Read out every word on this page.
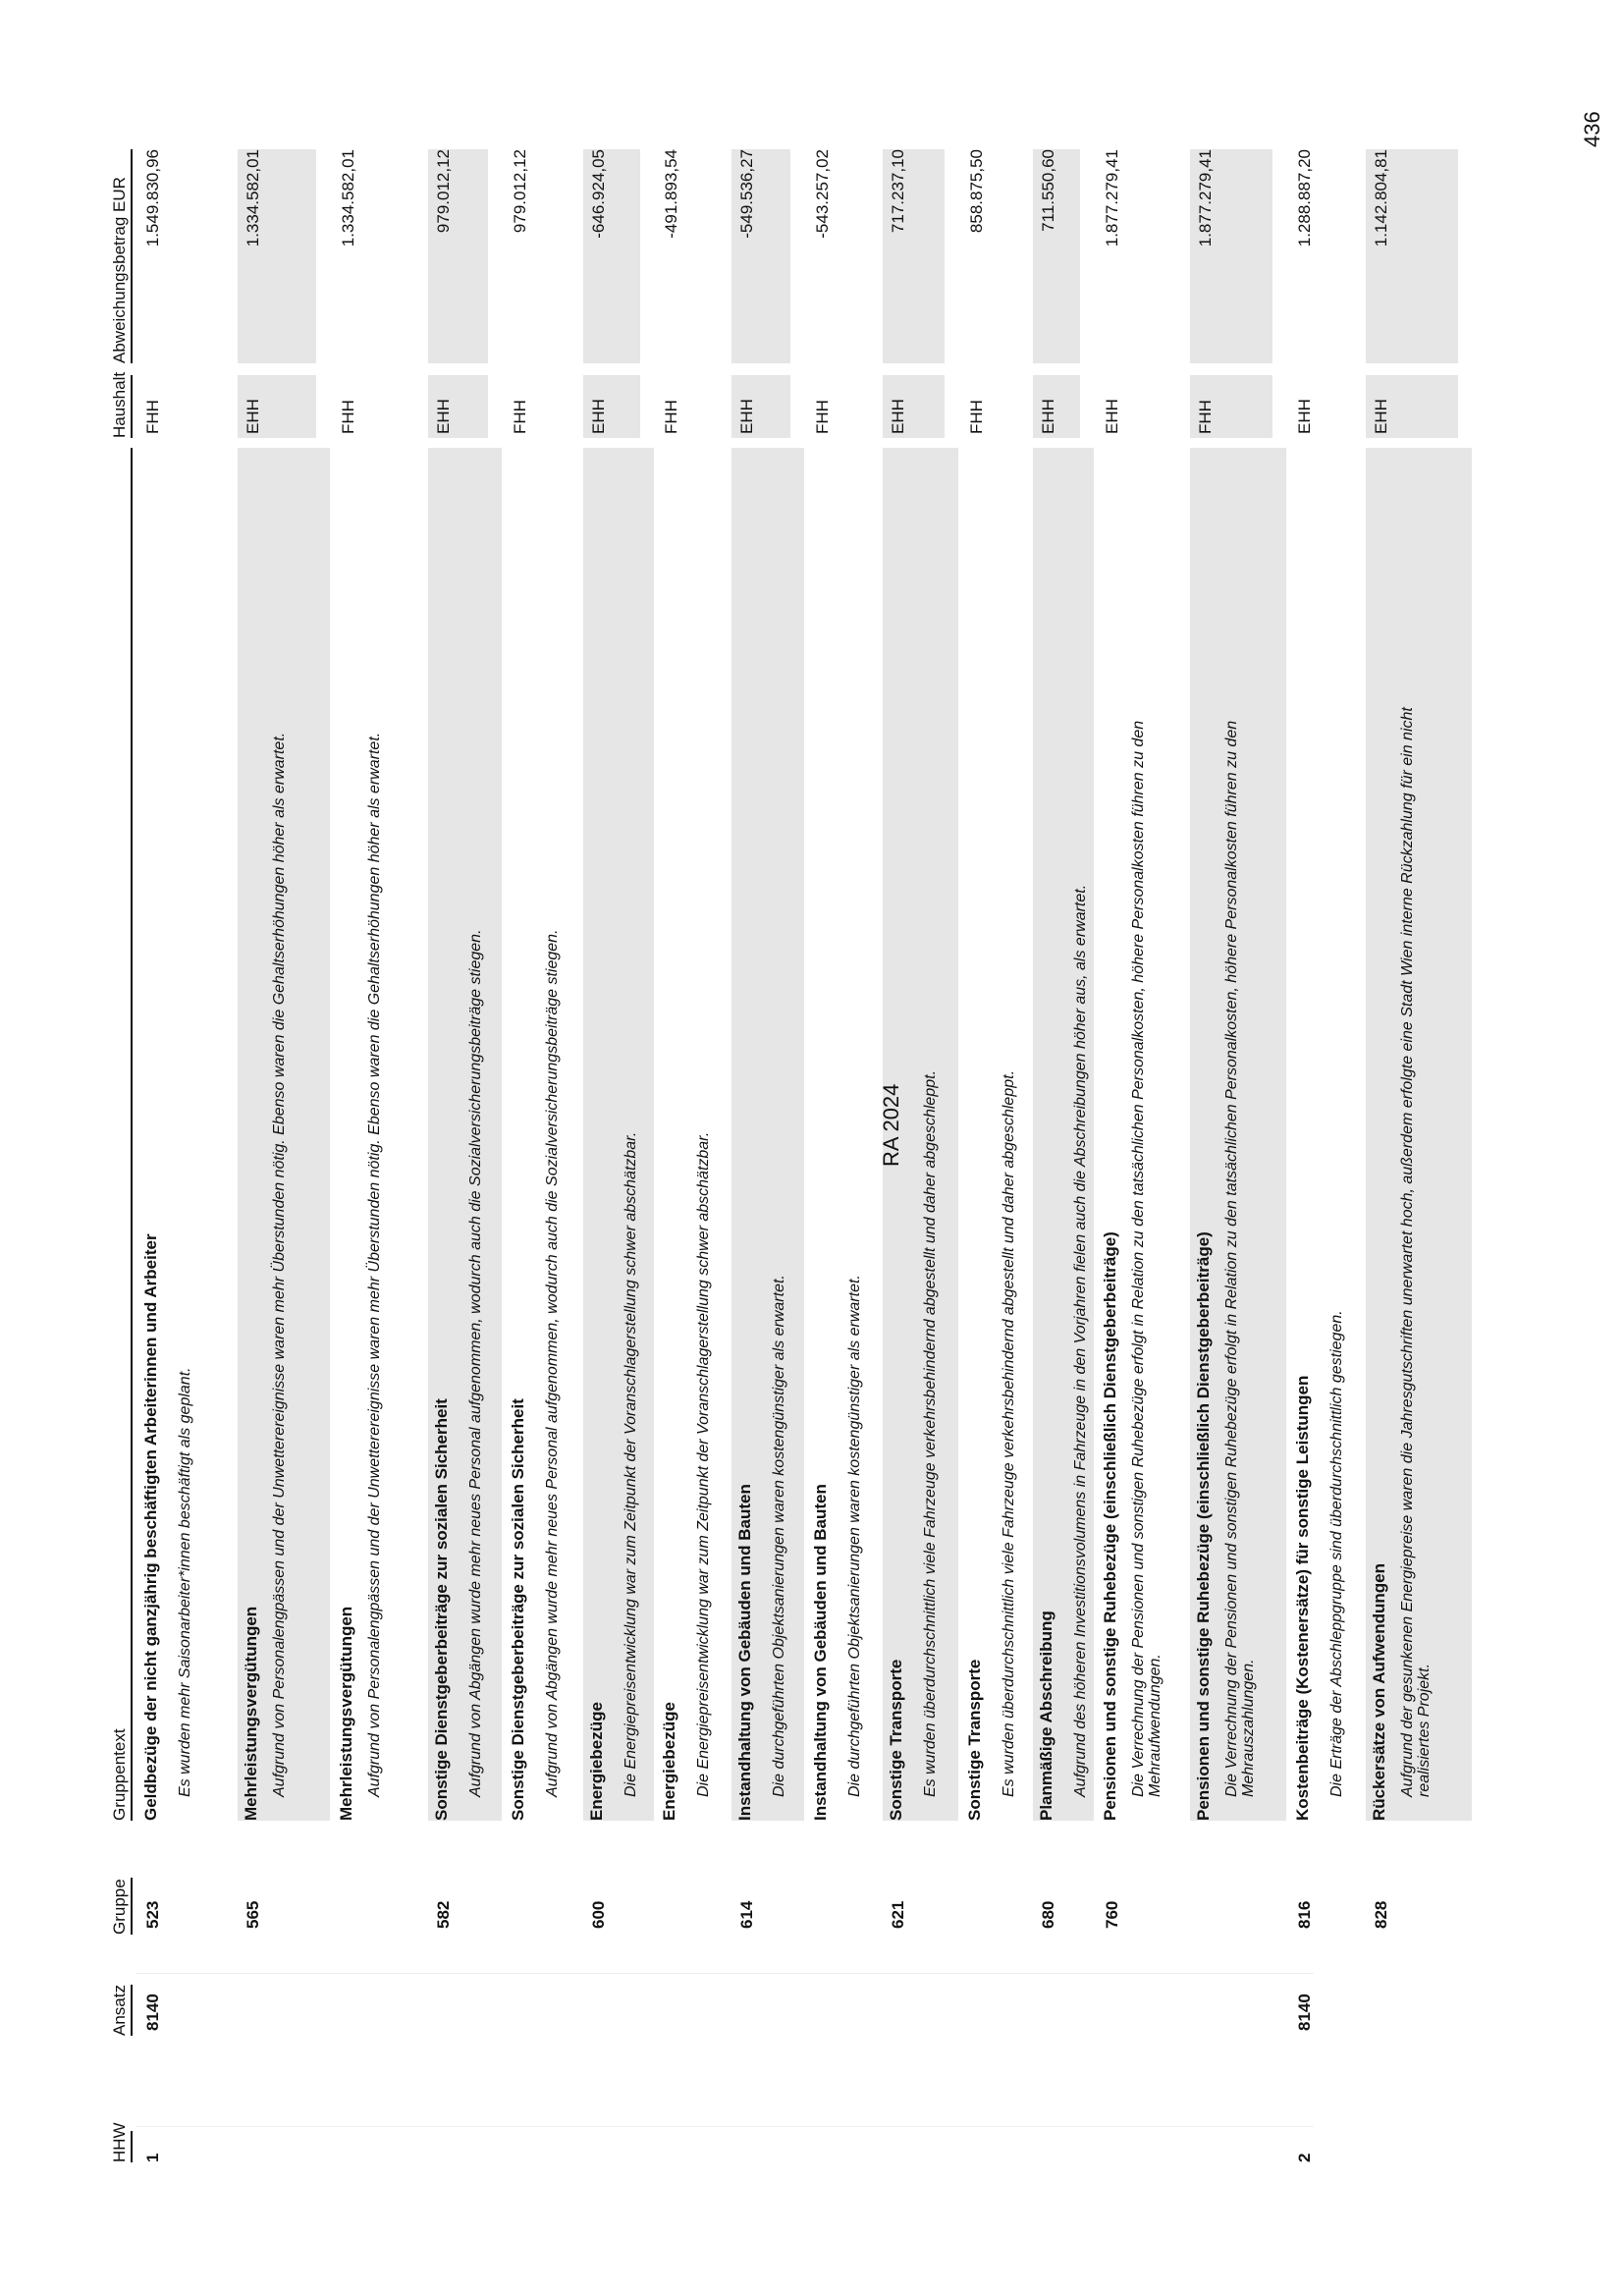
HHW
Ansatz
Gruppe
Gruppentext
Haushalt
Abweichungsbetrag EUR
1
8140
523
Geldbezüge der nicht ganzjährig beschäftigten Arbeiterinnen und Arbeiter Es wurden mehr Saisonarbeiter*innen beschäftigt als geplant.
FHH
1.549.830,96
565
Mehrleistungsvergütungen Aufgrund von Personalengpässen und der Unwetterereignisse waren mehr Überstunden nötig. Ebenso waren die Gehaltserhöhungen höher als erwartet.
EHH
1.334.582,01
Mehrleistungsvergütungen Aufgrund von Personalengpässen und der Unwetterereignisse waren mehr Überstunden nötig. Ebenso waren die Gehaltserhöhungen höher als erwartet.
FHH
1.334.582,01
582
Sonstige Dienstgeberbeiträge zur sozialen Sicherheit Aufgrund von Abgängen wurde mehr neues Personal aufgenommen, wodurch auch die Sozialversicherungsbeiträge stiegen.
EHH
979.012,12
Sonstige Dienstgeberbeiträge zur sozialen Sicherheit Aufgrund von Abgängen wurde mehr neues Personal aufgenommen, wodurch auch die Sozialversicherungsbeiträge stiegen.
FHH
979.012,12
600
Energiebezüge Die Energiepreisentwicklung war zum Zeitpunkt der Voranschlagerstellung schwer abschätzbar.
EHH
-646.924,05
Energiebezüge Die Energiepreisentwicklung war zum Zeitpunkt der Voranschlagerstellung schwer abschätzbar.
FHH
-491.893,54
614
Instandhaltung von Gebäuden und Bauten Die durchgeführten Objektsanierungen waren kostengünstiger als erwartet.
EHH
-549.536,27
Instandhaltung von Gebäuden und Bauten Die durchgeführten Objektsanierungen waren kostengünstiger als erwartet.
FHH
-543.257,02
621
Sonstige Transporte Es wurden überdurchschnittlich viele Fahrzeuge verkehrsbehindernd abgestellt und daher abgeschleppt.
EHH
717.237,10
Sonstige Transporte Es wurden überdurchschnittlich viele Fahrzeuge verkehrsbehindernd abgestellt und daher abgeschleppt.
FHH
858.875,50
680
Planmäßige Abschreibung Aufgrund des höheren Investitionsvolumens in Fahrzeuge in den Vorjahren fielen auch die Abschreibungen höher aus, als erwartet.
EHH
711.550,60
760
Pensionen und sonstige Ruhebezüge (einschließlich Dienstgeberbeiträge) Die Verrechnung der Pensionen und sonstigen Ruhebezüge erfolgt in Relation zu den tatsächlichen Personalkosten, höhere Personalkosten führen zu den Mehraufwendungen.
EHH
1.877.279,41
Pensionen und sonstige Ruhebezüge (einschließlich Dienstgeberbeiträge) Die Verrechnung der Pensionen und sonstigen Ruhebezüge erfolgt in Relation zu den tatsächlichen Personalkosten, höhere Personalkosten führen zu den Mehrauszahlungen.
FHH
1.877.279,41
2
8140
816
Kostenbeiträge (Kostenersätze) für sonstige Leistungen Die Erträge der Abschleppgruppe sind überdurchschnittlich gestiegen.
EHH
1.288.887,20
828
Rückersätze von Aufwendungen Aufgrund der gesunkenen Energiepreise waren die Jahresgutschriften unerwartet hoch, außerdem erfolgte eine Stadt Wien interne Rückzahlung für ein nicht realisiertes Projekt.
EHH
1.142.804,81
RA 2024
436
